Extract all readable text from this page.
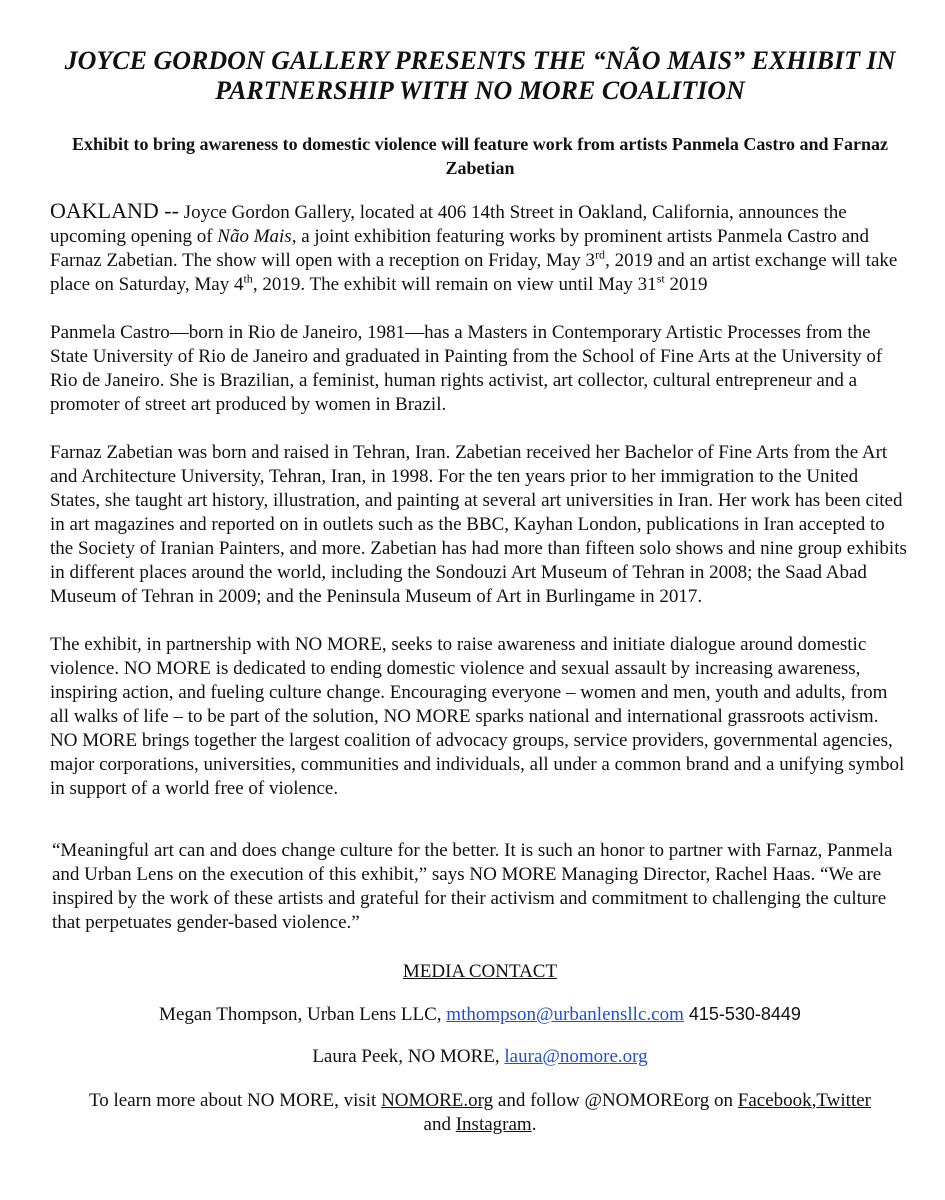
JOYCE GORDON GALLERY PRESENTS THE “NÃO MAIS” EXHIBIT IN PARTNERSHIP WITH NO MORE COALITION

Exhibit to bring awareness to domestic violence will feature work from artists Panmela Castro and Farnaz Zabetian

OAKLAND -- Joyce Gordon Gallery, located at 406 14th Street in Oakland, California, announces the upcoming opening of Não Mais, a joint exhibition featuring works by prominent artists Panmela Castro and Farnaz Zabetian. The show will open with a reception on Friday, May 3rd, 2019 and an artist exchange will take place on Saturday, May 4th, 2019. The exhibit will remain on view until May 31st 2019

Panmela Castro—born in Rio de Janeiro, 1981—has a Masters in Contemporary Artistic Processes from the State University of Rio de Janeiro and graduated in Painting from the School of Fine Arts at the University of Rio de Janeiro. She is Brazilian, a feminist, human rights activist, art collector, cultural entrepreneur and a promoter of street art produced by women in Brazil.

Farnaz Zabetian was born and raised in Tehran, Iran. Zabetian received her Bachelor of Fine Arts from the Art and Architecture University, Tehran, Iran, in 1998. For the ten years prior to her immigration to the United States, she taught art history, illustration, and painting at several art universities in Iran. Her work has been cited in art magazines and reported on in outlets such as the BBC, Kayhan London, publications in Iran accepted to the Society of Iranian Painters, and more. Zabetian has had more than fifteen solo shows and nine group exhibits in different places around the world, including the Sondouzi Art Museum of Tehran in 2008; the Saad Abad Museum of Tehran in 2009; and the Peninsula Museum of Art in Burlingame in 2017.

The exhibit, in partnership with NO MORE, seeks to raise awareness and initiate dialogue around domestic violence. NO MORE is dedicated to ending domestic violence and sexual assault by increasing awareness, inspiring action, and fueling culture change. Encouraging everyone – women and men, youth and adults, from all walks of life – to be part of the solution, NO MORE sparks national and international grassroots activism. NO MORE brings together the largest coalition of advocacy groups, service providers, governmental agencies, major corporations, universities, communities and individuals, all under a common brand and a unifying symbol in support of a world free of violence.

“Meaningful art can and does change culture for the better. It is such an honor to partner with Farnaz, Panmela and Urban Lens on the execution of this exhibit,” says NO MORE Managing Director, Rachel Haas. “We are inspired by the work of these artists and grateful for their activism and commitment to challenging the culture that perpetuates gender-based violence.”

MEDIA CONTACT

Megan Thompson, Urban Lens LLC, mthompson@urbanlensllc.com 415-530-8449

Laura Peek, NO MORE, laura@nomore.org

To learn more about NO MORE, visit NOMORE.org and follow @NOMOREorg on Facebook,Twitter
and Instagram.
